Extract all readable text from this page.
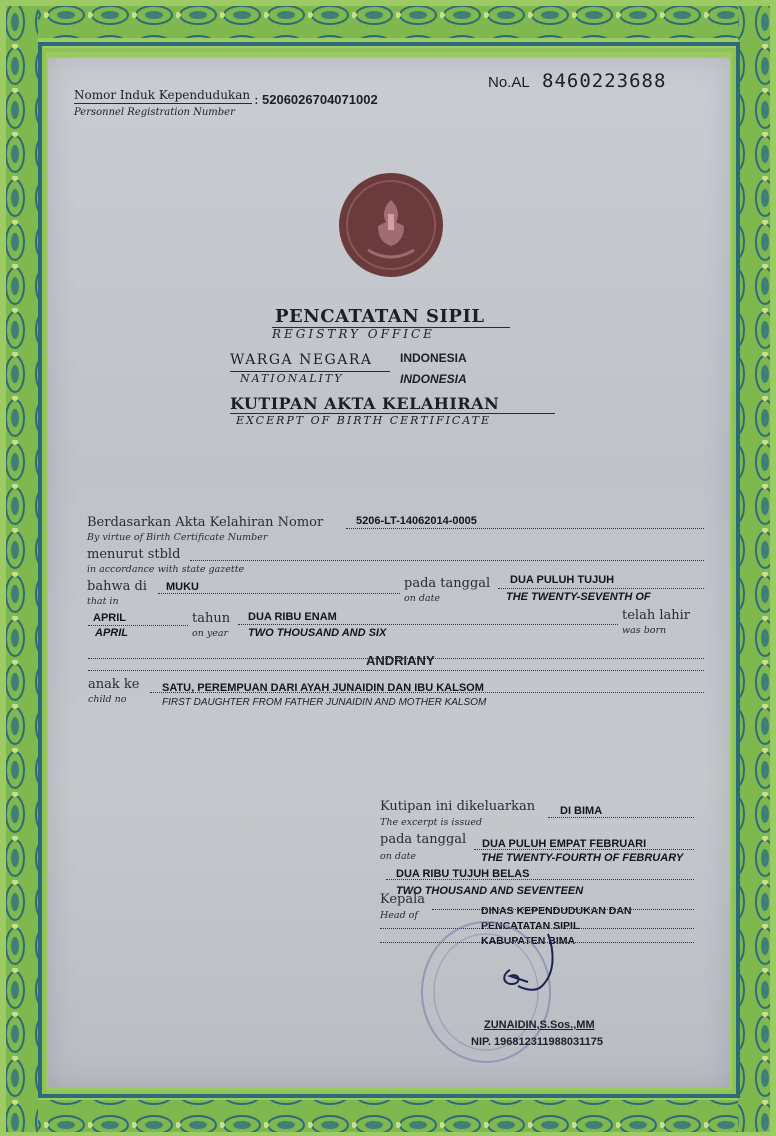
Nomor Induk Kependudukan
Personnel Registration Number
: 5206026704071002
No.AL 8460223688
PENCATATAN SIPIL
REGISTRY OFFICE
WARGA NEGARA
NATIONALITY
INDONESIA
INDONESIA
KUTIPAN AKTA KELAHIRAN
EXCERPT OF BIRTH CERTIFICATE
Berdasarkan Akta Kelahiran Nomor
By virtue of Birth Certificate Number
5206-LT-14062014-0005
menurut stbld
in accordance with state gazette
bahwa di
that in
MUKU	pada tanggal
on date
DUA PULUH TUJUH
THE TWENTY-SEVENTH OF
APRIL
APRIL
tahun
on year
DUA RIBU ENAM
TWO THOUSAND AND SIX
telah lahir
was born
ANDRIANY
anak ke
child no
SATU, PEREMPUAN DARI AYAH JUNAIDIN DAN IBU KALSOM
FIRST DAUGHTER FROM FATHER JUNAIDIN AND MOTHER KALSOM
Kutipan ini dikeluarkan
The excerpt is issued
DI BIMA
pada tanggal
on date
DUA PULUH EMPAT FEBRUARI
THE TWENTY-FOURTH OF FEBRUARY
DUA RIBU TUJUH BELAS
TWO THOUSAND AND SEVENTEEN
Kepala
Head of	DINAS KEPENDUDUKAN DAN
PENCATATAN SIPIL
KABUPATEN BIMA
ZUNAIDIN,S.Sos.,MM
NIP. 196812311988031175
